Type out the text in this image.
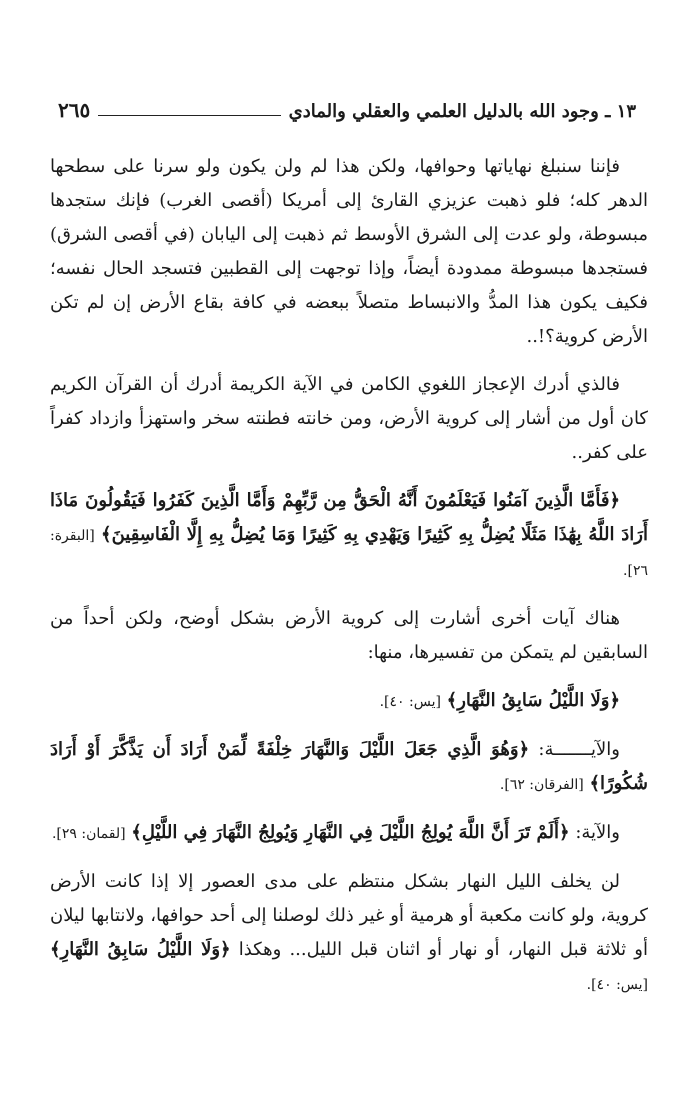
١٣ ـ وجود الله بالدليل العلمي والعقلي والمادي
٢٦٥

فإننا سنبلغ نهاياتها وحوافها، ولكن هذا لم ولن يكون ولو سرنا على سطحها الدهر كله؛ فلو ذهبت عزيزي القارئ إلى أمريكا (أقصى الغرب) فإنك ستجدها مبسوطة، ولو عدت إلى الشرق الأوسط ثم ذهبت إلى اليابان (في أقصى الشرق) فستجدها مبسوطة ممدودة أيضاً، وإذا توجهت إلى القطبين فتسجد الحال نفسه؛ فكيف يكون هذا المدُّ والانبساط متصلاً ببعضه في كافة بقاع الأرض إن لم تكن الأرض كروية؟!..

فالذي أدرك الإعجاز اللغوي الكامن في الآية الكريمة أدرك أن القرآن الكريم كان أول من أشار إلى كروية الأرض، ومن خانته فطنته سخر واستهزأ وازداد كفراً على كفر..

﴿فَأَمَّا الَّذِينَ آمَنُوا فَيَعْلَمُونَ أَنَّهُ الْحَقُّ مِن رَّبِّهِمْ وَأَمَّا الَّذِينَ كَفَرُوا فَيَقُولُونَ مَاذَا أَرَادَ اللَّهُ بِهَٰذَا مَثَلًا يُضِلُّ بِهِ كَثِيرًا وَيَهْدِي بِهِ كَثِيرًا وَمَا يُضِلُّ بِهِ إِلَّا الْفَاسِقِينَ﴾ [البقرة: ٢٦].

هناك آيات أخرى أشارت إلى كروية الأرض بشكل أوضح، ولكن أحداً من السابقين لم يتمكن من تفسيرها، منها:

﴿وَلَا اللَّيْلُ سَابِقُ النَّهَارِ﴾ [يس: ٤٠].

والآيـــــــة: ﴿وَهُوَ الَّذِي جَعَلَ اللَّيْلَ وَالنَّهَارَ خِلْفَةً لِّمَنْ أَرَادَ أَن يَذَّكَّرَ أَوْ أَرَادَ شُكُورًا﴾ [الفرقان: ٦٢].

والآية: ﴿أَلَمْ تَرَ أَنَّ اللَّهَ يُولِجُ اللَّيْلَ فِي النَّهَارِ وَيُولِجُ النَّهَارَ فِي اللَّيْلِ﴾ [لقمان: ٢٩].

لن يخلف الليل النهار بشكل منتظم على مدى العصور إلا إذا كانت الأرض كروية، ولو كانت مكعبة أو هرمية أو غير ذلك لوصلنا إلى أحد حوافها، ولانتابها ليلان أو ثلاثة قبل النهار، أو نهار أو اثنان قبل الليل... وهكذا ﴿وَلَا اللَّيْلُ سَابِقُ النَّهَارِ﴾ [يس: ٤٠].
